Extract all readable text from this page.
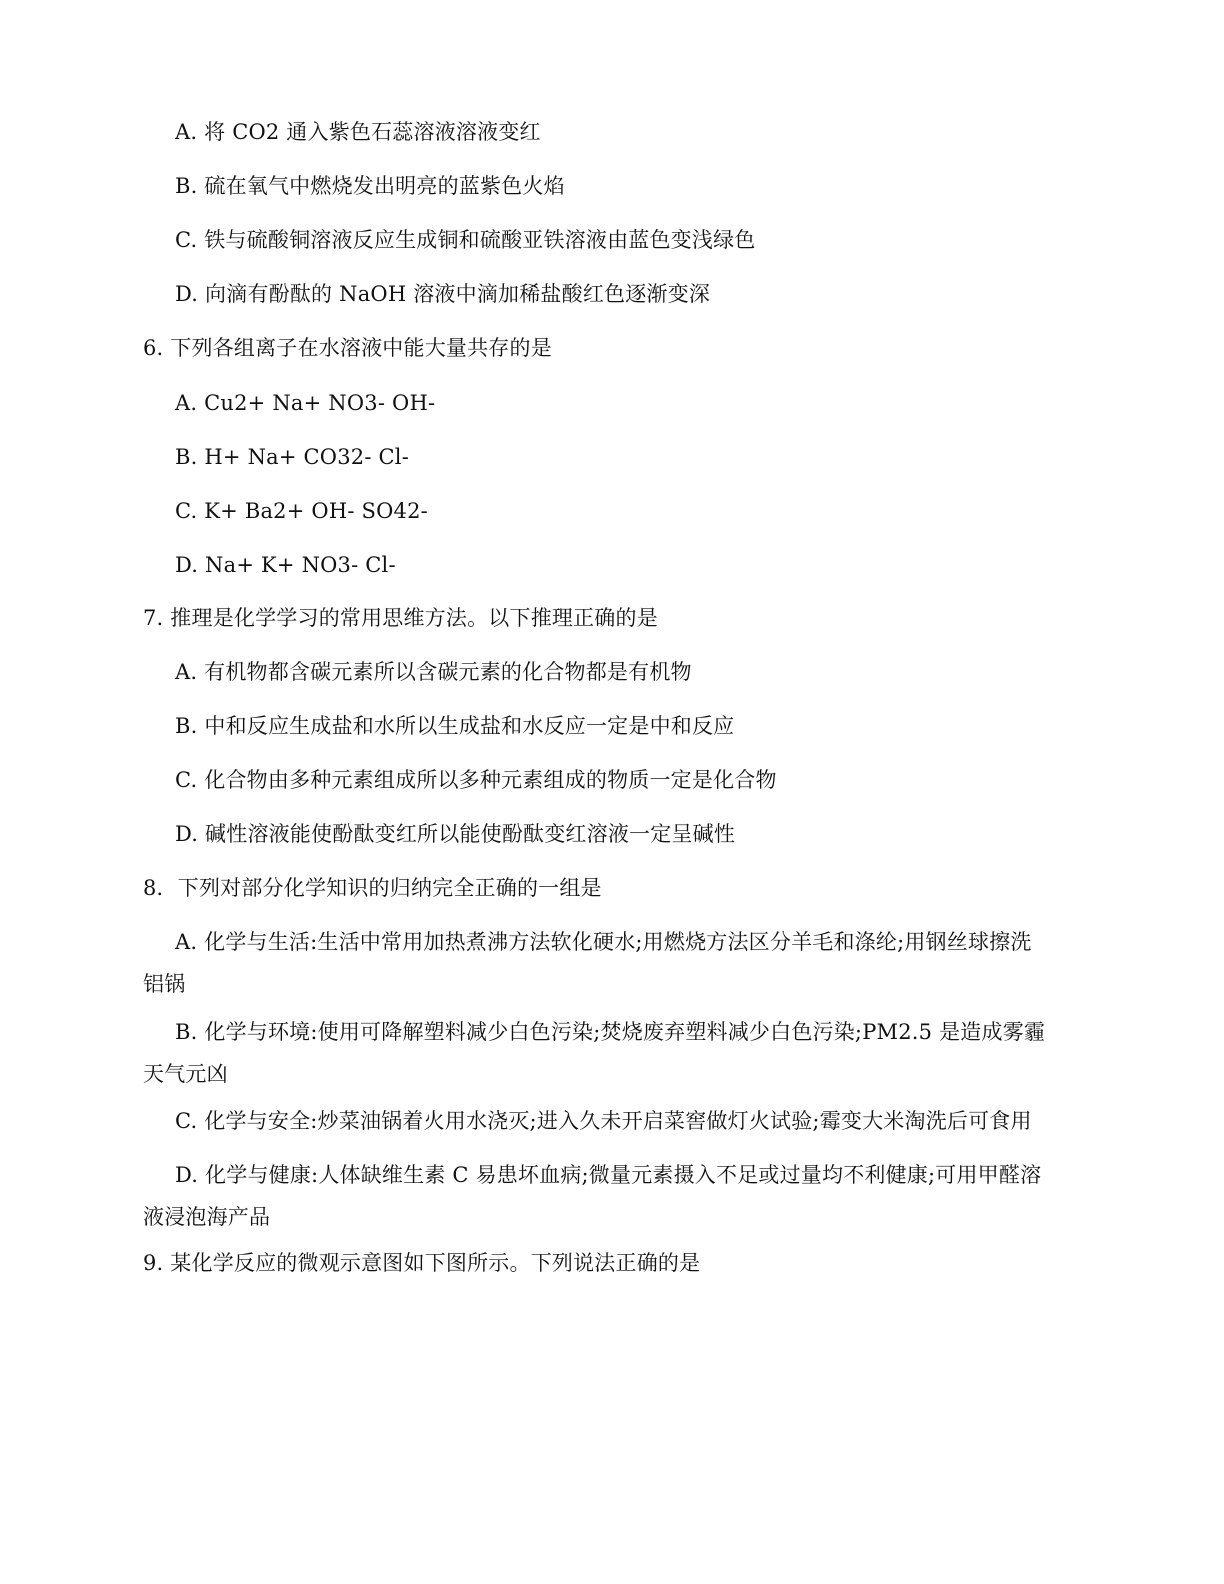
A. 将 CO2 通入紫色石蕊溶液溶液变红
B. 硫在氧气中燃烧发出明亮的蓝紫色火焰
C. 铁与硫酸铜溶液反应生成铜和硫酸亚铁溶液由蓝色变浅绿色
D. 向滴有酚酞的 NaOH 溶液中滴加稀盐酸红色逐渐变深
6. 下列各组离子在水溶液中能大量共存的是
A. Cu2+ Na+ NO3- OH-
B. H+ Na+ CO32- Cl-
C. K+ Ba2+ OH- SO42-
D. Na+ K+ NO3- Cl-
7. 推理是化学学习的常用思维方法。以下推理正确的是
A. 有机物都含碳元素所以含碳元素的化合物都是有机物
B. 中和反应生成盐和水所以生成盐和水反应一定是中和反应
C. 化合物由多种元素组成所以多种元素组成的物质一定是化合物
D. 碱性溶液能使酚酞变红所以能使酚酞变红溶液一定呈碱性
8．下列对部分化学知识的归纳完全正确的一组是
A. 化学与生活:生活中常用加热煮沸方法软化硬水;用燃烧方法区分羊毛和涤纶;用钢丝球擦洗
铝锅
B. 化学与环境:使用可降解塑料减少白色污染;焚烧废弃塑料减少白色污染;PM2.5 是造成雾霾
天气元凶
C. 化学与安全:炒菜油锅着火用水浇灭;进入久未开启菜窖做灯火试验;霉变大米淘洗后可食用
D. 化学与健康:人体缺维生素 C 易患坏血病;微量元素摄入不足或过量均不利健康;可用甲醛溶
液浸泡海产品
9. 某化学反应的微观示意图如下图所示。下列说法正确的是
